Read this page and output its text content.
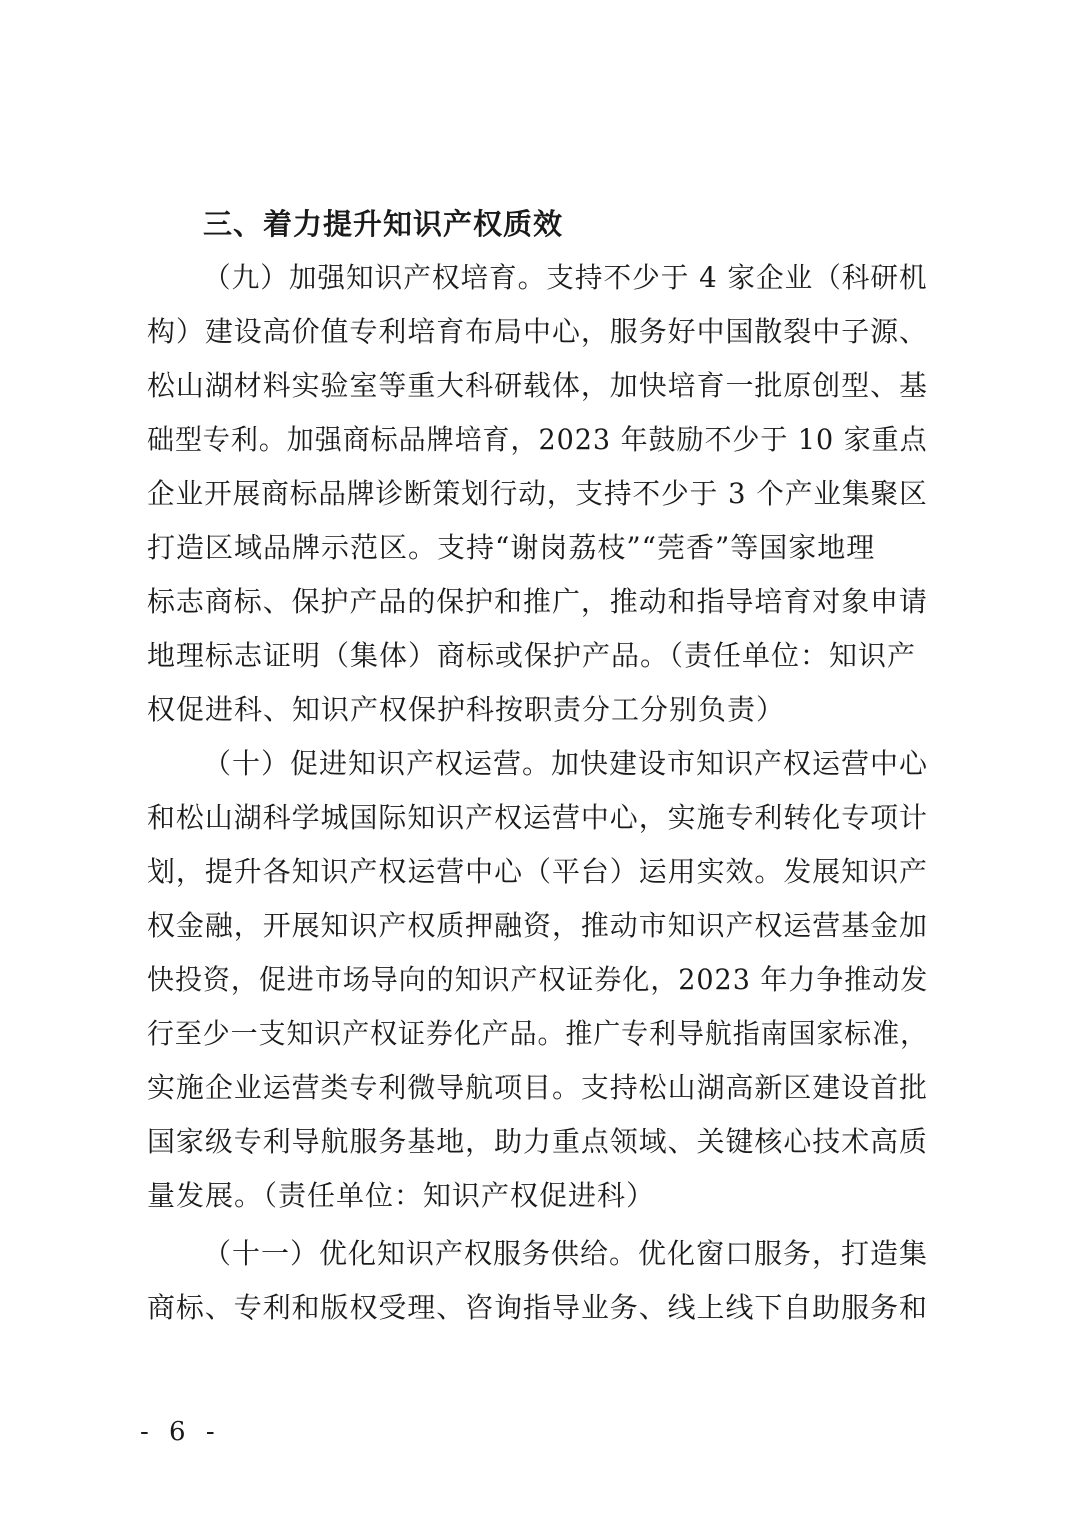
三、着力提升知识产权质效
（九）加强知识产权培育。支持不少于 4 家企业（科研机
构）建设高价值专利培育布局中心，服务好中国散裂中子源、
松山湖材料实验室等重大科研载体，加快培育一批原创型、基
础型专利。加强商标品牌培育，2023 年鼓励不少于 10 家重点
企业开展商标品牌诊断策划行动，支持不少于 3 个产业集聚区
打造区域品牌示范区。支持“谢岗荔枝”“莞香”等国家地理
标志商标、保护产品的保护和推广，推动和指导培育对象申请
地理标志证明（集体）商标或保护产品。（责任单位：知识产
权促进科、知识产权保护科按职责分工分别负责）
（十）促进知识产权运营。加快建设市知识产权运营中心
和松山湖科学城国际知识产权运营中心，实施专利转化专项计
划，提升各知识产权运营中心（平台）运用实效。发展知识产
权金融，开展知识产权质押融资，推动市知识产权运营基金加
快投资，促进市场导向的知识产权证券化，2023 年力争推动发
行至少一支知识产权证券化产品。推广专利导航指南国家标准，
实施企业运营类专利微导航项目。支持松山湖高新区建设首批
国家级专利导航服务基地，助力重点领域、关键核心技术高质
量发展。（责任单位：知识产权促进科）
（十一）优化知识产权服务供给。优化窗口服务，打造集
商标、专利和版权受理、咨询指导业务、线上线下自助服务和
- 6 -
